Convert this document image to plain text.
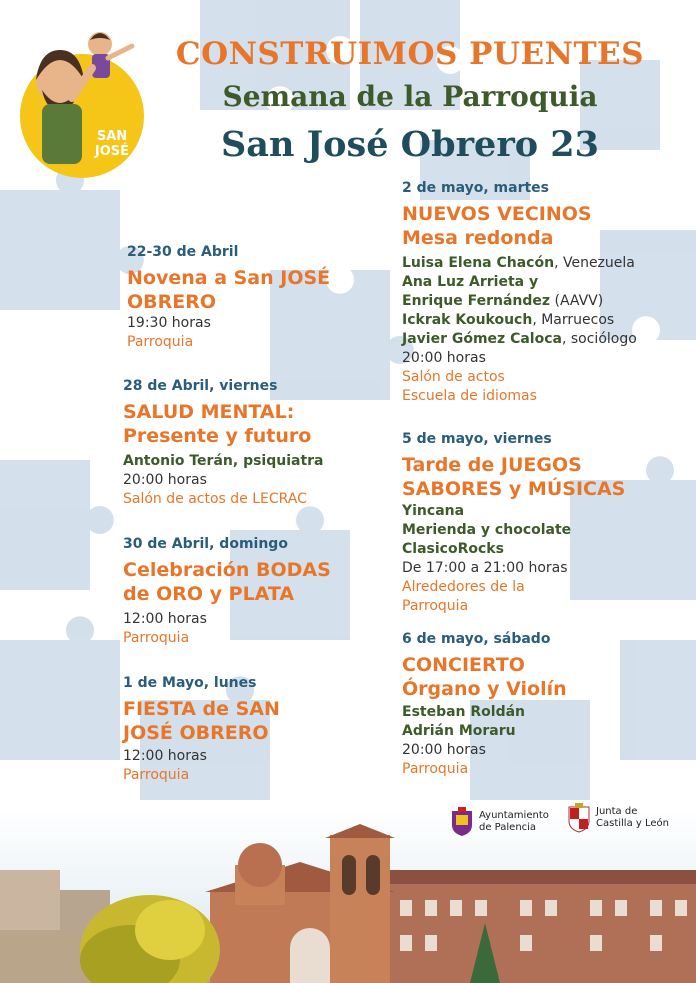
SAN
JOSÉ
CONSTRUIMOS PUENTES
Semana de la Parroquia
San José Obrero 23
22-30 de Abril
Novena a San JOSÉ
OBRERO
19:30 horas
Parroquia
28 de Abril, viernes
SALUD MENTAL:
Presente y futuro
Antonio Terán, psiquiatra
20:00 horas
Salón de actos de LECRAC
30 de Abril, domingo
Celebración BODAS
de ORO y PLATA
12:00 horas
Parroquia
1 de Mayo, lunes
FIESTA de SAN
JOSÉ OBRERO
12:00 horas
Parroquia
2 de mayo, martes
NUEVOS VECINOS
Mesa redonda
Luisa Elena Chacón, Venezuela
Ana Luz Arrieta y
Enrique Fernández (AAVV)
Ickrak Koukouch, Marruecos
Javier Gómez Caloca, sociólogo
20:00 horas
Salón de actos
Escuela de idiomas
5 de mayo, viernes
Tarde de JUEGOS
SABORES y MÚSICAS
Yincana
Merienda y chocolate
ClasicoRocks
De 17:00 a 21:00 horas
Alrededores de la
Parroquia
6 de mayo, sábado
CONCIERTO
Órgano y Violín
Esteban Roldán
Adrián Moraru
20:00 horas
Parroquia
Ayuntamiento
de Palencia
Junta de
Castilla y León
